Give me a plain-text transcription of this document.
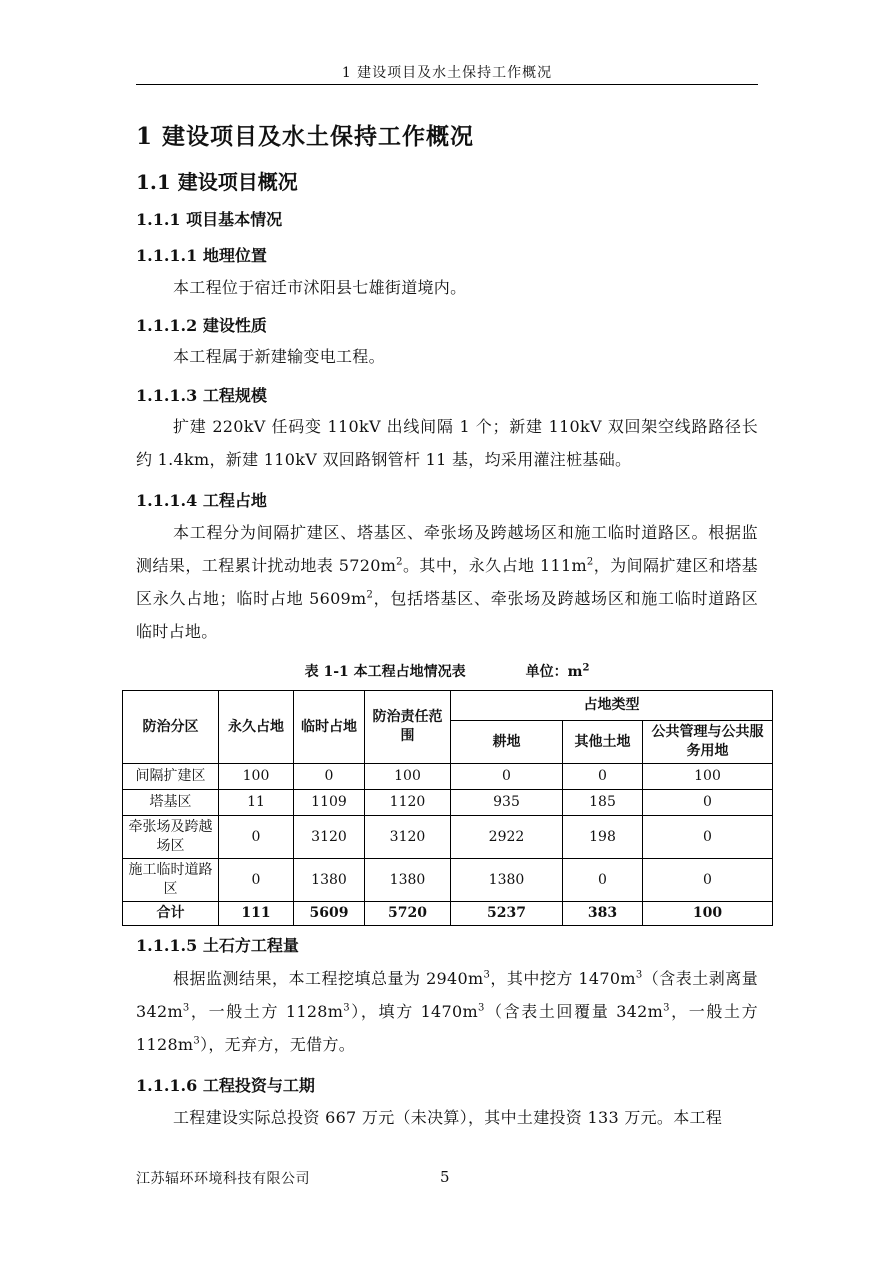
1 建设项目及水土保持工作概况
1 建设项目及水土保持工作概况
1.1 建设项目概况
1.1.1 项目基本情况
1.1.1.1 地理位置
本工程位于宿迁市沭阳县七雄街道境内。
1.1.1.2 建设性质
本工程属于新建输变电工程。
1.1.1.3 工程规模
扩建 220kV 任码变 110kV 出线间隔 1 个；新建 110kV 双回架空线路路径长约 1.4km，新建 110kV 双回路钢管杆 11 基，均采用灌注桩基础。
1.1.1.4 工程占地
本工程分为间隔扩建区、塔基区、牵张场及跨越场区和施工临时道路区。根据监测结果，工程累计扰动地表 $5720m^2$。其中，永久占地 $111m^2$，为间隔扩建区和塔基区永久占地；临时占地 $5609m^2$，包括塔基区、牵张场及跨越场区和施工临时道路区临时占地。
表 1-1 本工程占地情况表	单位：$m^2$
防治分区	永久占地	临时占地	防治责任范围	占地类型		
				耕地	其他土地	公共管理与公共服务用地
间隔扩建区	100	0	100	0	0	100
塔基区	11	1109	1120	935	185	0
牵张场及跨越场区	0	3120	3120	2922	198	0
施工临时道路区	0	1380	1380	1380	0	0
合计	111	5609	5720	5237	383	100
1.1.1.5 土石方工程量
根据监测结果，本工程挖填总量为 $2940m^3$，其中挖方 $1470m^3$（含表土剥离量 $342m^3$，一般土方 $1128m^3$），填方 $1470m^3$（含表土回覆量 $342m^3$，一般土方 $1128m^3$），无弃方，无借方。
1.1.1.6 工程投资与工期
工程建设实际总投资 667 万元（未决算），其中土建投资 133 万元。本工程
江苏辐环环境科技有限公司	5
